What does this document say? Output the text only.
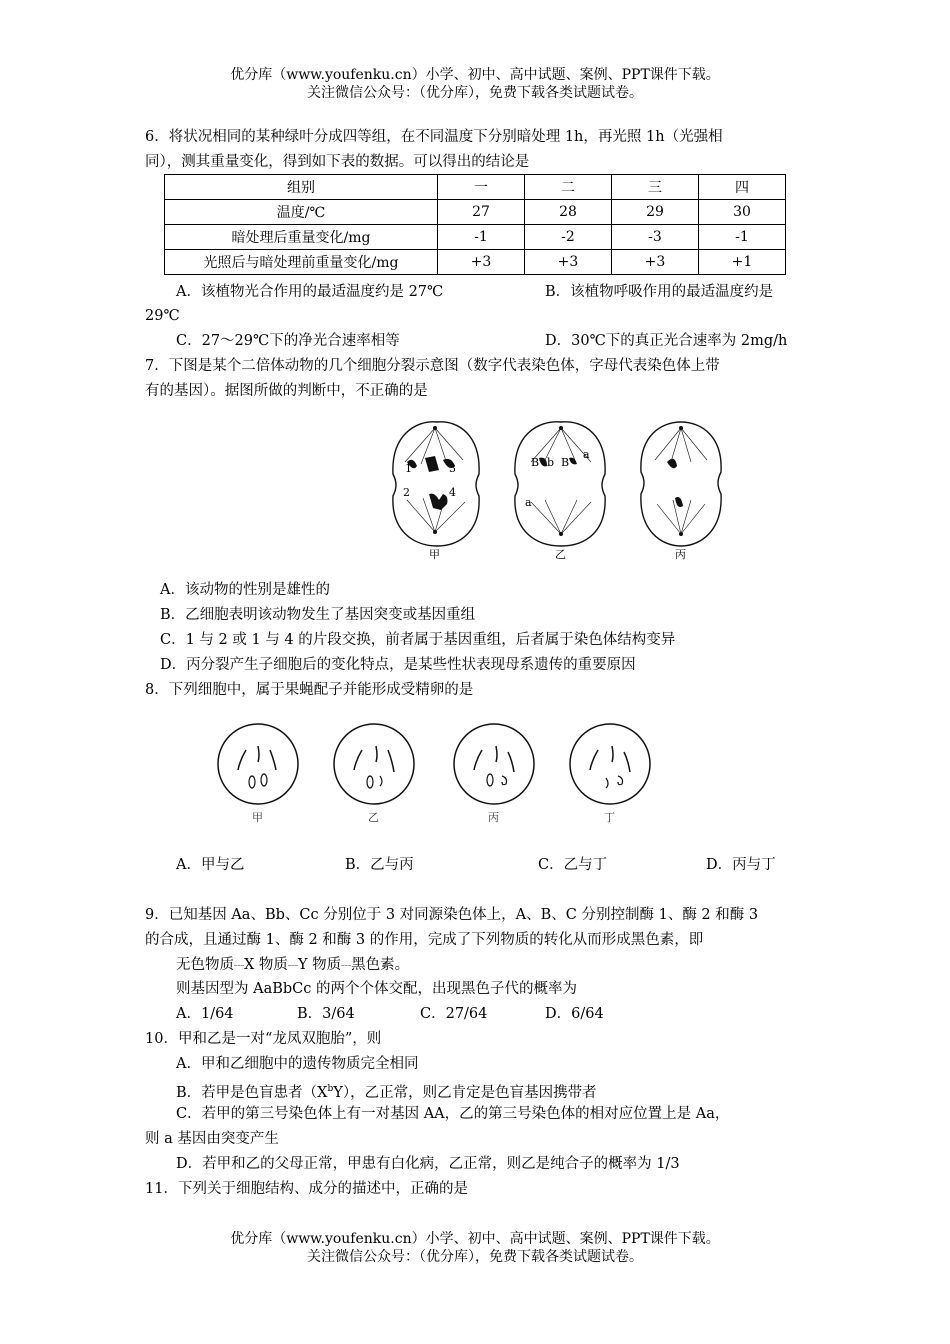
优分库（www.youfenku.cn）小学、初中、高中试题、案例、PPT课件下载。
关注微信公众号：（优分库），免费下载各类试题试卷。
6．将状况相同的某种绿叶分成四等组，在不同温度下分别暗处理 1h，再光照 1h（光强相
同），测其重量变化，得到如下表的数据。可以得出的结论是
组别	一	二	三	四
温度/℃	27	28	29	30
暗处理后重量变化/mg	-1	-2	-3	-1
光照后与暗处理前重量变化/mg	+3	+3	+3	+1
A．该植物光合作用的最适温度约是 27℃	B．该植物呼吸作用的最适温度约是
29℃
C．27～29℃下的净光合速率相等	D．30℃下的真正光合速率为 2mg/h
7．下图是某个二倍体动物的几个细胞分裂示意图（数字代表染色体，字母代表染色体上带
有的基因）。据图所做的判断中，不正确的是
1
2
3
4
B b B
a
a
甲	乙	丙
A．该动物的性别是雄性的
B．乙细胞表明该动物发生了基因突变或基因重组
C．1 与 2 或 1 与 4 的片段交换，前者属于基因重组，后者属于染色体结构变异
D．丙分裂产生子细胞后的变化特点，是某些性状表现母系遗传的重要原因
8．下列细胞中，属于果蝇配子并能形成受精卵的是
甲	乙	丙	丁
A．甲与乙	B．乙与丙	C．乙与丁	D．丙与丁
9．已知基因 Aa、Bb、Cc 分别位于 3 对同源染色体上，A、B、C 分别控制酶 1、酶 2 和酶 3
的合成，且通过酶 1、酶 2 和酶 3 的作用，完成了下列物质的转化从而形成黑色素，即
无色物质 X 物质 Y 物质 黑色素。
则基因型为 AaBbCc 的两个个体交配，出现黑色子代的概率为
A．1/64	B．3/64	C．27/64	D．6/64
10．甲和乙是一对“龙凤双胞胎”，则
A．甲和乙细胞中的遗传物质完全相同
B．若甲是色盲患者$(X^bY)$，乙正常，则乙肯定是色盲基因携带者
C．若甲的第三号染色体上有一对基因 AA，乙的第三号染色体的相对应位置上是 Aa，
则 a 基因由突变产生
D．若甲和乙的父母正常，甲患有白化病，乙正常，则乙是纯合子的概率为 1/3
11．下列关于细胞结构、成分的描述中，正确的是
优分库（www.youfenku.cn）小学、初中、高中试题、案例、PPT课件下载。
关注微信公众号：（优分库），免费下载各类试题试卷。
